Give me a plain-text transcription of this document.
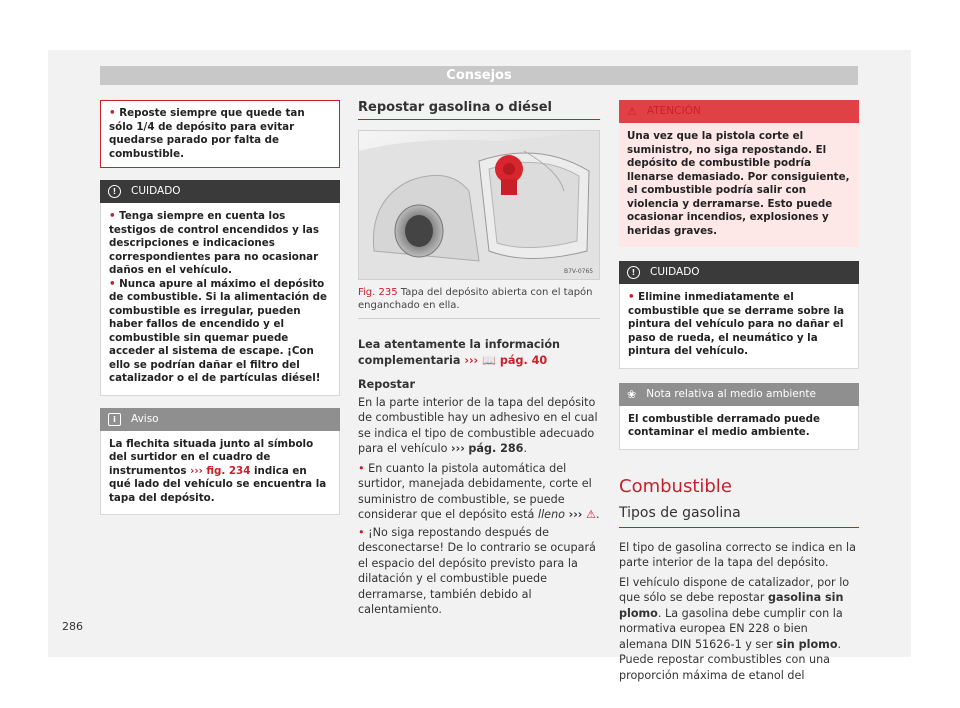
Consejos
• Reposte siempre que quede tan sólo 1/4 de depósito para evitar quedarse parado por falta de combustible.
!	CUIDADO

• Tenga siempre en cuenta los testigos de control encendidos y las descripciones e indicaciones correspondientes para no ocasionar daños en el vehículo.

• Nunca apure al máximo el depósito de combustible. Si la alimentación de combustible es irregular, pueden haber fallos de encendido y el combustible sin quemar puede acceder al sistema de escape. ¡Con ello se podrían dañar el filtro del catalizador o el de partículas diésel!

i	Aviso
La flechita situada junto al símbolo del surtidor en el cuadro de instrumentos ››› fig. 234 indica en qué lado del vehículo se encuentra la tapa del depósito.
Repostar gasolina o diésel
B7V-0765
Fig. 235 Tapa del depósito abierta con el tapón enganchado en ella.

Lea atentamente la información complementaria ››› 📖 pág. 40

Repostar

En la parte interior de la tapa del depósito de combustible hay un adhesivo en el cual se indica el tipo de combustible adecuado para el vehículo ››› pág. 286.

• En cuanto la pistola automática del surtidor, manejada debidamente, corte el suministro de combustible, se puede considerar que el depósito está lleno ››› ⚠.

• ¡No siga repostando después de desconectarse! De lo contrario se ocupará el espacio del depósito previsto para la dilatación y el combustible puede derramarse, también debido al calentamiento.

⚠ ATENCIÓN
Una vez que la pistola corte el suministro, no siga repostando. El depósito de combustible podría llenarse demasiado. Por consiguiente, el combustible podría salir con violencia y derramarse. Esto puede ocasionar incendios, explosiones y heridas graves.
!	CUIDADO
• Elimine inmediatamente el combustible que se derrame sobre la pintura del vehículo para no dañar el paso de rueda, el neumático y la pintura del vehículo.
❀ Nota relativa al medio ambiente
El combustible derramado puede contaminar el medio ambiente.
Combustible
Tipos de gasolina

El tipo de gasolina correcto se indica en la parte interior de la tapa del depósito.

El vehículo dispone de catalizador, por lo que sólo se debe repostar gasolina sin plomo. La gasolina debe cumplir con la normativa europea EN 228 o bien alemana DIN 51626-1 y ser sin plomo. Puede repostar combustibles con una proporción máxima de etanol del

286
